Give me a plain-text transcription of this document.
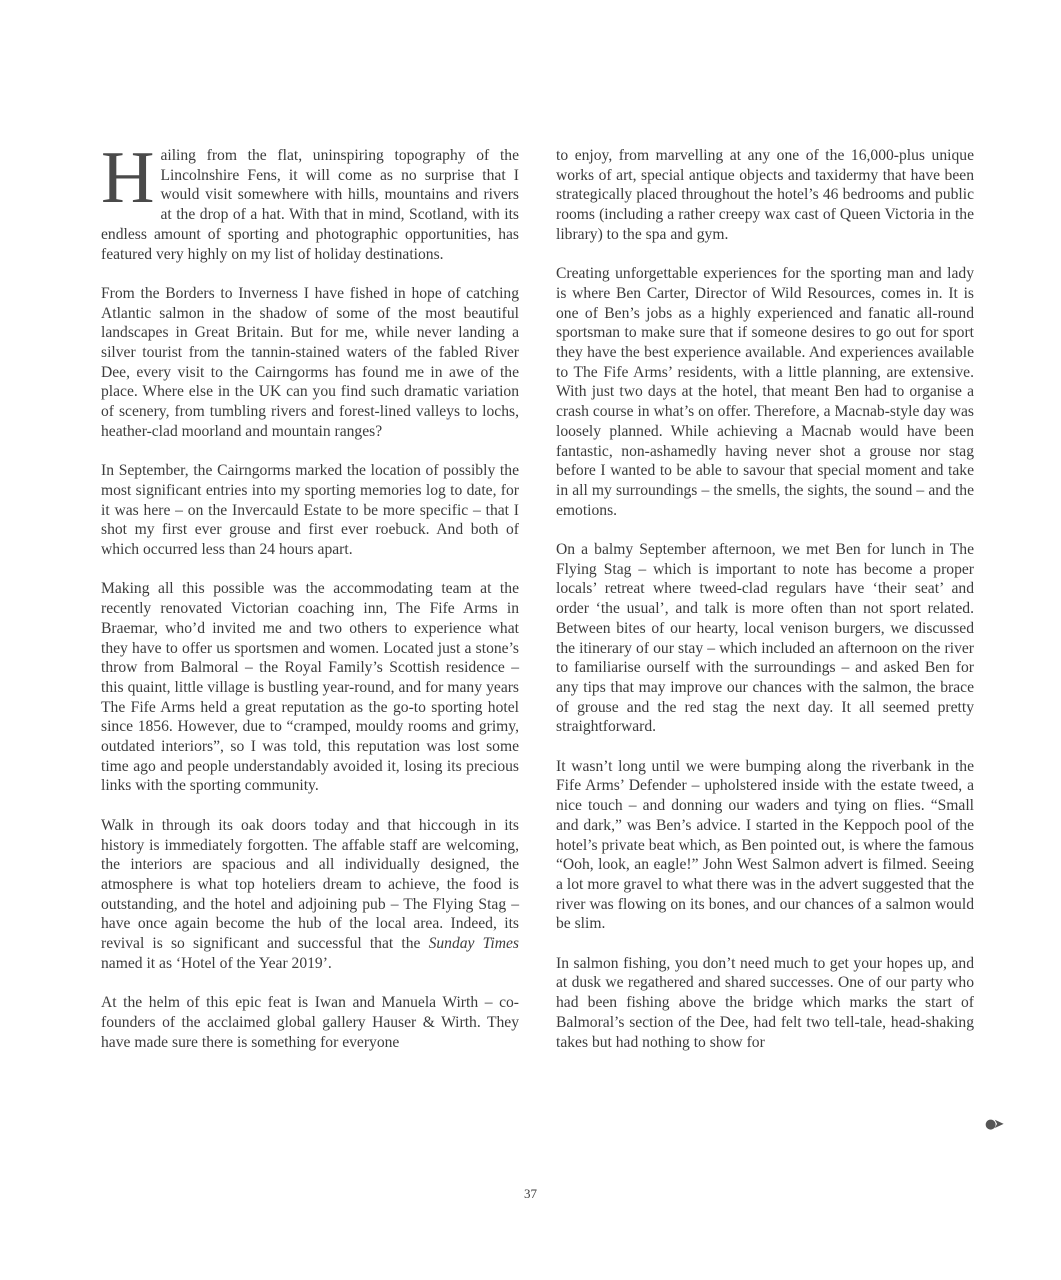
Hailing from the flat, uninspiring topography of the Lincolnshire Fens, it will come as no surprise that I would visit somewhere with hills, mountains and rivers at the drop of a hat. With that in mind, Scotland, with its endless amount of sporting and photographic opportunities, has featured very highly on my list of holiday destinations.

From the Borders to Inverness I have fished in hope of catching Atlantic salmon in the shadow of some of the most beautiful landscapes in Great Britain. But for me, while never landing a silver tourist from the tannin-stained waters of the fabled River Dee, every visit to the Cairngorms has found me in awe of the place. Where else in the UK can you find such dramatic variation of scenery, from tumbling rivers and forest-lined valleys to lochs, heather-clad moorland and mountain ranges?

In September, the Cairngorms marked the location of possibly the most significant entries into my sporting memories log to date, for it was here – on the Invercauld Estate to be more specific – that I shot my first ever grouse and first ever roebuck. And both of which occurred less than 24 hours apart.

Making all this possible was the accommodating team at the recently renovated Victorian coaching inn, The Fife Arms in Braemar, who’d invited me and two others to experience what they have to offer us sportsmen and women. Located just a stone’s throw from Balmoral – the Royal Family’s Scottish residence – this quaint, little village is bustling year-round, and for many years The Fife Arms held a great reputation as the go-to sporting hotel since 1856. However, due to “cramped, mouldy rooms and grimy, outdated interiors”, so I was told, this reputation was lost some time ago and people understandably avoided it, losing its precious links with the sporting community.

Walk in through its oak doors today and that hiccough in its history is immediately forgotten. The affable staff are welcoming, the interiors are spacious and all individually designed, the atmosphere is what top hoteliers dream to achieve, the food is outstanding, and the hotel and adjoining pub – The Flying Stag – have once again become the hub of the local area. Indeed, its revival is so significant and successful that the Sunday Times named it as ‘Hotel of the Year 2019’.

At the helm of this epic feat is Iwan and Manuela Wirth – co-founders of the acclaimed global gallery Hauser & Wirth. They have made sure there is something for everyone

to enjoy, from marvelling at any one of the 16,000-plus unique works of art, special antique objects and taxidermy that have been strategically placed throughout the hotel’s 46 bedrooms and public rooms (including a rather creepy wax cast of Queen Victoria in the library) to the spa and gym.

Creating unforgettable experiences for the sporting man and lady is where Ben Carter, Director of Wild Resources, comes in. It is one of Ben’s jobs as a highly experienced and fanatic all-round sportsman to make sure that if someone desires to go out for sport they have the best experience available. And experiences available to The Fife Arms’ residents, with a little planning, are extensive. With just two days at the hotel, that meant Ben had to organise a crash course in what’s on offer. Therefore, a Macnab-style day was loosely planned. While achieving a Macnab would have been fantastic, non-ashamedly having never shot a grouse nor stag before I wanted to be able to savour that special moment and take in all my surroundings – the smells, the sights, the sound – and the emotions.

On a balmy September afternoon, we met Ben for lunch in The Flying Stag – which is important to note has become a proper locals’ retreat where tweed-clad regulars have ‘their seat’ and order ‘the usual’, and talk is more often than not sport related. Between bites of our hearty, local venison burgers, we discussed the itinerary of our stay – which included an afternoon on the river to familiarise ourself with the surroundings – and asked Ben for any tips that may improve our chances with the salmon, the brace of grouse and the red stag the next day. It all seemed pretty straightforward.

It wasn’t long until we were bumping along the riverbank in the Fife Arms’ Defender – upholstered inside with the estate tweed, a nice touch – and donning our waders and tying on flies. “Small and dark,” was Ben’s advice. I started in the Keppoch pool of the hotel’s private beat which, as Ben pointed out, is where the famous “Ooh, look, an eagle!” John West Salmon advert is filmed. Seeing a lot more gravel to what there was in the advert suggested that the river was flowing on its bones, and our chances of a salmon would be slim.

In salmon fishing, you don’t need much to get your hopes up, and at dusk we regathered and shared successes. One of our party who had been fishing above the bridge which marks the start of Balmoral’s section of the Dee, had felt two tell-tale, head-shaking takes but had nothing to show for

●➤
37
